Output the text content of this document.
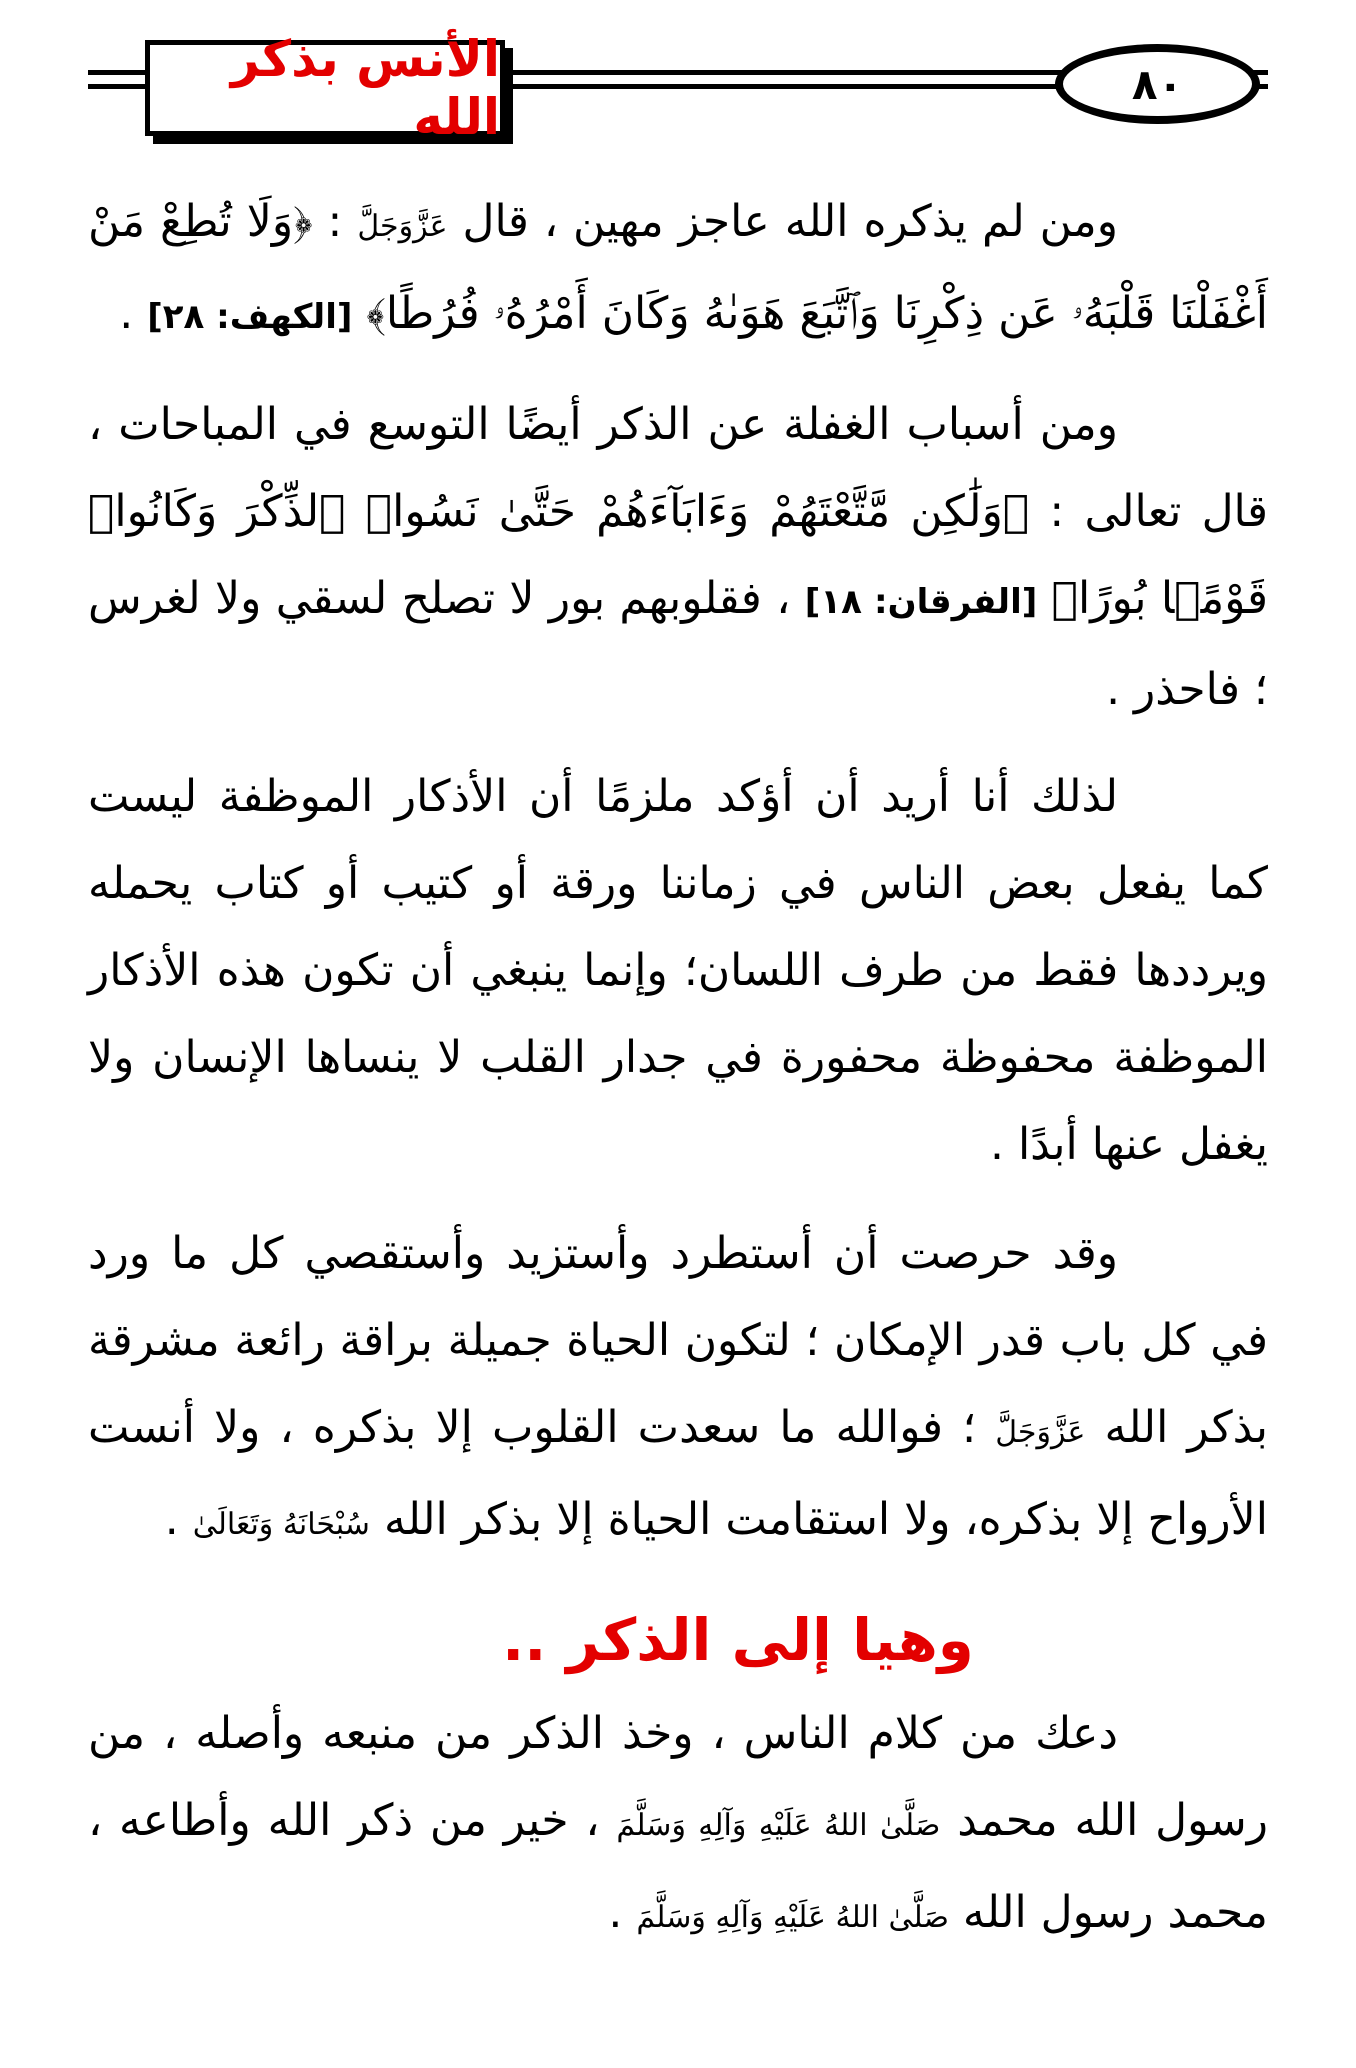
الأنس بذكر الله
٨٠

ومن لم يذكره الله عاجز مهين ، قال عَزَّوَجَلَّ : ﴿وَلَا تُطِعْ مَنْ أَغْفَلْنَا قَلْبَهُۥ عَن ذِكْرِنَا وَٱتَّبَعَ هَوَىٰهُ وَكَانَ أَمْرُهُۥ فُرُطًا﴾ [الكهف: ٢٨] .

ومن أسباب الغفلة عن الذكر أيضًا التوسع في المباحات ، قال تعالى : ﴿وَلَٰكِن مَّتَّعْتَهُمْ وَءَابَآءَهُمْ حَتَّىٰ نَسُوا۟ ٱلذِّكْرَ وَكَانُوا۟ قَوْمًۢا بُورًا﴾ [الفرقان: ١٨] ، فقلوبهم بور لا تصلح لسقي ولا لغرس ؛ فاحذر .

لذلك أنا أريد أن أؤكد ملزمًا أن الأذكار الموظفة ليست كما يفعل بعض الناس في زماننا ورقة أو كتيب أو كتاب يحمله ويرددها فقط من طرف اللسان؛ وإنما ينبغي أن تكون هذه الأذكار الموظفة محفوظة محفورة في جدار القلب لا ينساها الإنسان ولا يغفل عنها أبدًا .

وقد حرصت أن أستطرد وأستزيد وأستقصي كل ما ورد في كل باب قدر الإمكان ؛ لتكون الحياة جميلة براقة رائعة مشرقة بذكر الله عَزَّوَجَلَّ ؛ فوالله ما سعدت القلوب إلا بذكره ، ولا أنست الأرواح إلا بذكره، ولا استقامت الحياة إلا بذكر الله سُبْحَانَهُ وَتَعَالَىٰ .

وهيا إلى الذكر ..

دعك من كلام الناس ، وخذ الذكر من منبعه وأصله ، من رسول الله محمد صَلَّىٰ اللهُ عَلَيْهِ وَآلِهِ وَسَلَّمَ ، خير من ذكر الله وأطاعه ، محمد رسول الله صَلَّىٰ اللهُ عَلَيْهِ وَآلِهِ وَسَلَّمَ .
